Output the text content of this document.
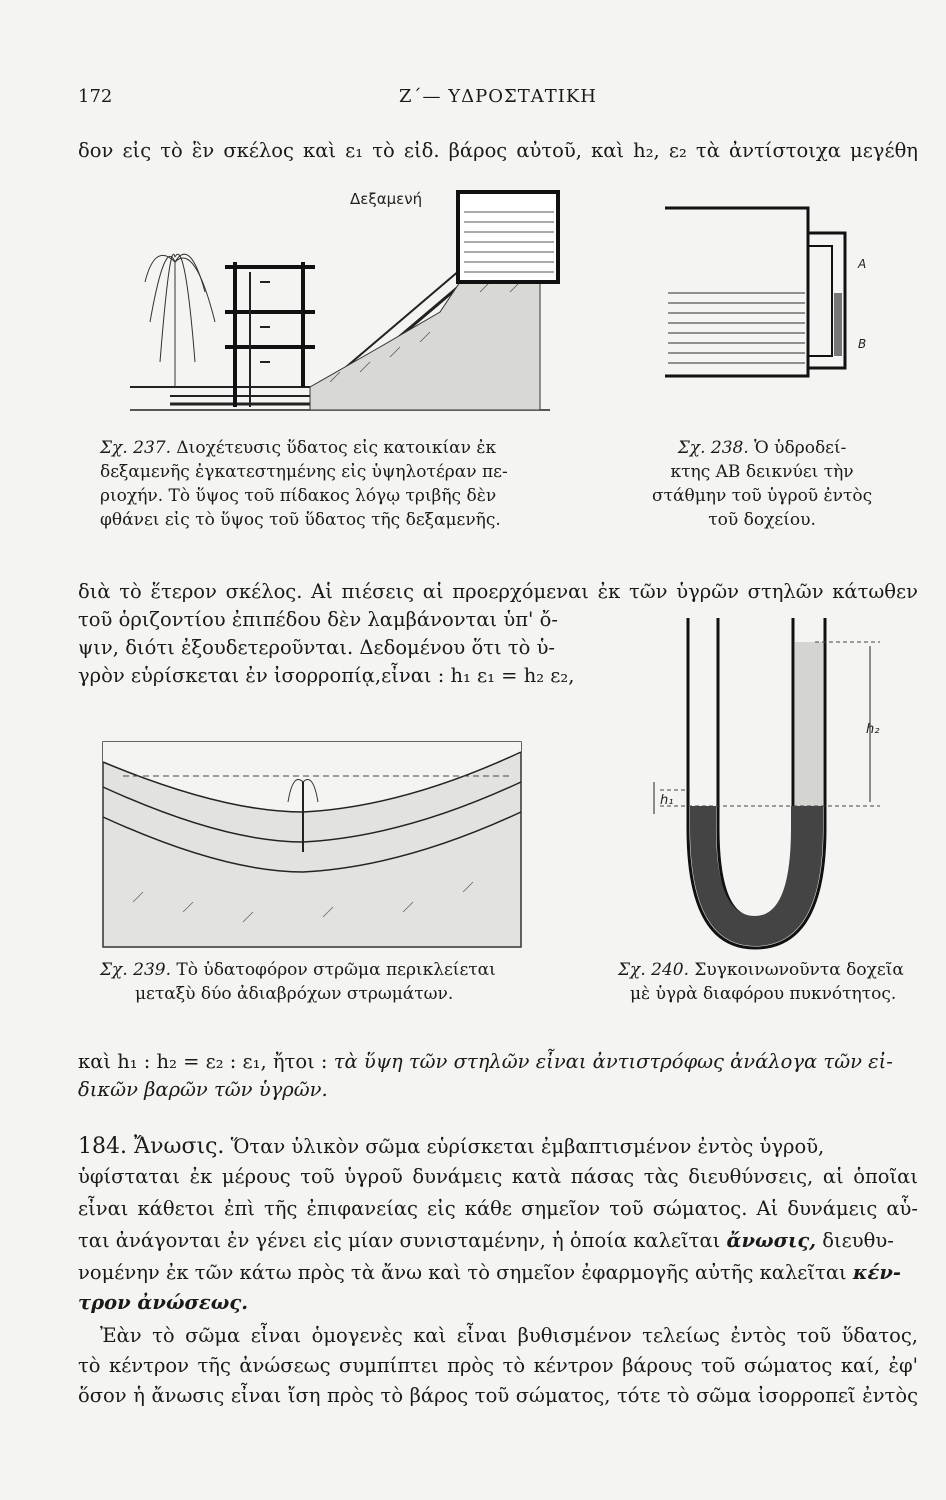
172	Ζ΄— ΥΔΡΟΣΤΑΤΙΚΗ
δον εἰς τὸ ἓν σκέλος καὶ ε₁ τὸ εἰδ. βάρος αὐτοῦ, καὶ h₂, ε₂ τὰ ἀντίστοιχα μεγέθη
Δεξαμενή
A
B
Σχ. 237. Διοχέτευσις ὕδατος εἰς κατοικίαν ἐκ
δεξαμενῆς ἐγκατεστημένης εἰς ὑψηλοτέραν πε-
ριοχήν. Τὸ ὕψος τοῦ πίδακος λόγῳ τριβῆς δὲν
φθάνει εἰς τὸ ὕψος τοῦ ὕδατος τῆς δεξαμενῆς.
Σχ. 238. Ὁ ὑδροδεί-
κτης ΑΒ δεικνύει τὴν
στάθμην τοῦ ὑγροῦ ἐντὸς
τοῦ δοχείου.
διὰ τὸ ἕτερον σκέλος. Αἱ πιέσεις αἱ προερχόμεναι ἐκ τῶν ὑγρῶν στηλῶν κάτωθεν
τοῦ ὁριζοντίου ἐπιπέδου δὲν λαμβάνονται ὑπ' ὄ-
ψιν, διότι ἐξουδετεροῦνται. Δεδομένου ὅτι τὸ ὑ-
γρὸν εὑρίσκεται ἐν ἰσορροπίᾳ,εἶναι : h₁ ε₁ = h₂ ε₂,
h₂
h₁
Σχ. 239. Τὸ ὑδατοφόρον στρῶμα περικλείεται
μεταξὺ δύο ἀδιαβρόχων στρωμάτων.
Σχ. 240. Συγκοινωνοῦντα δοχεῖα
μὲ ὑγρὰ διαφόρου πυκνότητος.
καὶ h₁ : h₂ = ε₂ : ε₁, ἤτοι : τὰ ὕψη τῶν στηλῶν εἶναι ἀντιστρόφως ἀνάλογα τῶν εἰ-
δικῶν βαρῶν τῶν ὑγρῶν.
184. Ἄνωσις. Ὅταν ὑλικὸν σῶμα εὑρίσκεται ἐμβαπτισμένον ἐντὸς ὑγροῦ,
ὑφίσταται ἐκ μέρους τοῦ ὑγροῦ δυνάμεις κατὰ πάσας τὰς διευθύνσεις, αἱ ὁποῖαι
εἶναι κάθετοι ἐπὶ τῆς ἐπιφανείας εἰς κάθε σημεῖον τοῦ σώματος. Αἱ δυνάμεις αὗ-
ται ἀνάγονται ἐν γένει εἰς μίαν συνισταμένην, ἡ ὁποία καλεῖται ἄνωσις, διευθυ-
νομένην ἐκ τῶν κάτω πρὸς τὰ ἄνω καὶ τὸ σημεῖον ἐφαρμογῆς αὐτῆς καλεῖται κέν-
τρον ἀνώσεως.
Ἐὰν τὸ σῶμα εἶναι ὁμογενὲς καὶ εἶναι βυθισμένον τελείως ἐντὸς τοῦ ὕδατος,
τὸ κέντρον τῆς ἀνώσεως συμπίπτει πρὸς τὸ κέντρον βάρους τοῦ σώματος καί, ἐφ'
ὅσον ἡ ἄνωσις εἶναι ἴση πρὸς τὸ βάρος τοῦ σώματος, τότε τὸ σῶμα ἰσορροπεῖ ἐντὸς
